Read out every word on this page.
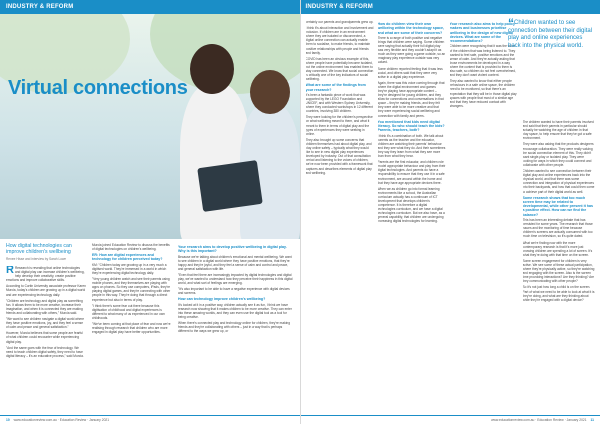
INDUSTRY & REFORM
Virtual connections
How digital technologies can improve children's wellbeing
Renee Hisse and interview by Sarah Lowe

R Research is revealing that online technologies and digital play can increase children's wellbeing, help develop their creativity, create positive emotions and improve collaborative skills.

According to Curtin University associate professor Karen Murcia, today's children are growing up in a digital world and are experiencing technology daily.

"Children are technology and digital play as something fun. It allows them to be more creative, increase their imagination, and when it is connected they are making friends and collaborating with others," Murcia said.

"We want to see children navigate a digital world where they have positive emotions, joy, and they feel a sense of calm and peace and general satisfaction."

However, Murcia believes that some people are fearful of what children could encounter while experiencing digital play.

"And the same goes with the fear of technology. We need to teach children digital safety, they need to have digital literacy – it's an educative process," said Murcia.

Murcia joined Education Review to discuss the benefits of digital technologies on children's wellbeing.

ER: How are digital experiences and technology for children perceived today?

KM: "Children today are growing up in a very much a digitised world. They're immersed in a world in which they're experiencing digital technology daily.

"Very young children watch and see their parents using mobile phones, and they themselves are playing with apps on phones. So they use computers, iPads, they're playing digital games, and they're connecting with other people in this way. They're doing that through a direct experience but also in terms of play.

"I think there's some fear out there because this digitisation of childhood and digital experiences is different to what many of us experienced in our own childhoods.

"We've been coming at that place of fear and now we're realising through research that children who are more engaged in digital play have better opportunities.

Your research aims to develop positive wellbeing in digital play. Why is this important?

Because we're talking about children's emotional and mental wellbeing. We want to see children in a digital world where they have positive emotions, that they're happy and they're joyful, and they feel a sense of calm and control and peace, and general satisfaction with life.

"Even that feel there are increasingly impacted by digital technologies and digital play, we've wanted to understand how they perceive their happiness in this digital world, and what sort of feelings are emerging.

"It's also important to be able to have a negative experience with digital devices and screens.

How can technology improve children's wellbeing?

It's looked at it in a positive way, children actually see it as fun, I think we have research now showing that it makes children to be more creative. They can enter into these amazing worlds, and they can even use the digital tool as a tool for being creative.

When there's connected play and technology online for children, they're making friends and they're collaborating with others – just in a way that is perhaps different to the ways we grew up, or

10 www.educationreview.com.au · Education Review · January 2021
INDUSTRY & REFORM

certainly our parents and grandparents grew up.

I think it's about interaction and involvement and inclusion. If children are in an environment where they are isolated or disconnected, a digital online connection can actually enable them to socialise, to make friends, to maintain positive relationships with people and friends and family.

COVID has been an obvious example of this, where people have potentially become isolated, but the online environment has enabled them to stay connected. We know that social connection is critically one of the key indicators of social wellbeing.

What are some of the findings from your research?

It's been a fantastic piece of work that was supported by the LEGO Foundation and UNICEF, and with Western Sydney University, where they conducted workshops in 12 different countries, involving 380 children.

They were looking for the children's perspective on what wellbeing meant to them, and what it meant to them in terms of digital play and the types of experiences they were seeking in online.

They also brought up some concerns that children themselves had about digital play, and play online safety – typically what they would like to see in new digital play experiences developed by industry. Out of that consultation period and listening to the voices of children, we've now been provided with a framework that captures and describes elements of digital play and wellbeing.

How do children view their own wellbeing within the technology space, and what are some of their concerns?

There is a range of both positive and negative things that children were saying. Some children were saying that actually their full digital play was very flexible and they couldn't adapt it as much as they were going a game outside, so an imaginary play experience outside was very valued.

Some children reported feeling that it was less social, and others said that they were very active in a digital play experience.

Again, there was this voice coming through that where the digital environment and games they're playing have appropriate content – they're designed for young children, and they allow for connections and conversations in that space – they're making friends, and they felt they were able to be more creative and that they were experiencing social wellbeing and connection with family and peers.

You mentioned that kids need digital literacy. So who should teach the kids? Parents, teachers, both?

I think it's a combination of both. We talk about parents as the teacher and the educator, children are watching their parents' behaviour and they see what they do. And their sometimes they say they learn from what they see more than from what they hear.

Parents are the first educator, and children role model appropriate behaviour and play from their digital technologies. And parents do have a responsibility to ensure that they use it in a safe environment, are around within the home and that they have age appropriate devices there.

When we as children go into formal learning environments like a school, the Australian curriculum actually has a continuum of ICT development that develops children's competence. It is therefore a digital technologies curriculum, and we have a digital technologies curriculum. But we also have, as a general capability, that children are undergoing increasing digital technologies for learning.

Your research also aims to help policy makers and businesses prioritise wellbeing in the design of new digital devices. What are some of the recommendations?

Children were recognising that it was the voice of the children that was being listened to. They wanted to feel safe, positive emotions and the sense of calm. And they're actually asking that those environments be developed in a way where the content that is provided to them is also safe, so children do not feel overwhelmed, and they don't want violent content.

They also wanted to know that either people behaviours in a safe online space, the children need to be monitored, so that there's an expectation that they will be in those digital play spaces with people that most of a similar age and that they have reduced contact with strangers.

“Children wanted to see connection between their digital play and online experiences back into the physical world.

The children wanted to have their parents involved and said that their parents in particular should actually be watching the age of children in that play space, to help ensure that they've got a safe environment.

They were also asking that the products designers encourage collaboration. They were really valuing the social connection element of this. They didn't want single-play or isolated play. They were looking for ways in which they could connect and collaborate with other people.

Children wanted to see connection between their digital play and online experiences back into the physical world, and that there was some connection and integration of physical experiences into their backyards, and how that could then come to achieve part of their digital world as well.

Some research shows that too much screen time may be related to developmental, while other present it has a positive effect. How can we find the balance?

This has been an interesting debate that has persisted for some years. The research that those issues and the monitoring of time because children's screens are actually consumed with too much time on television, so it's quite dated.

What we're finding now with the more contemporary research is that it's more just knowing children are spending a lot of screen. It's what they're doing with that time on the screen.

Some screen engagement for children is very active. We see some of these actual participation, where they're physically active, so they're watching and engaging with the screen. Also is the screen time provoking interactions? Are they thinking? Are they communicating with other people?

So it's not just how long a child is on the screen. Part of what we need to be able to look at what it is they're doing, and what are they thinking about while they're engaged with a digital device?

www.educationreview.com.au · Education Review · January 2021 11
